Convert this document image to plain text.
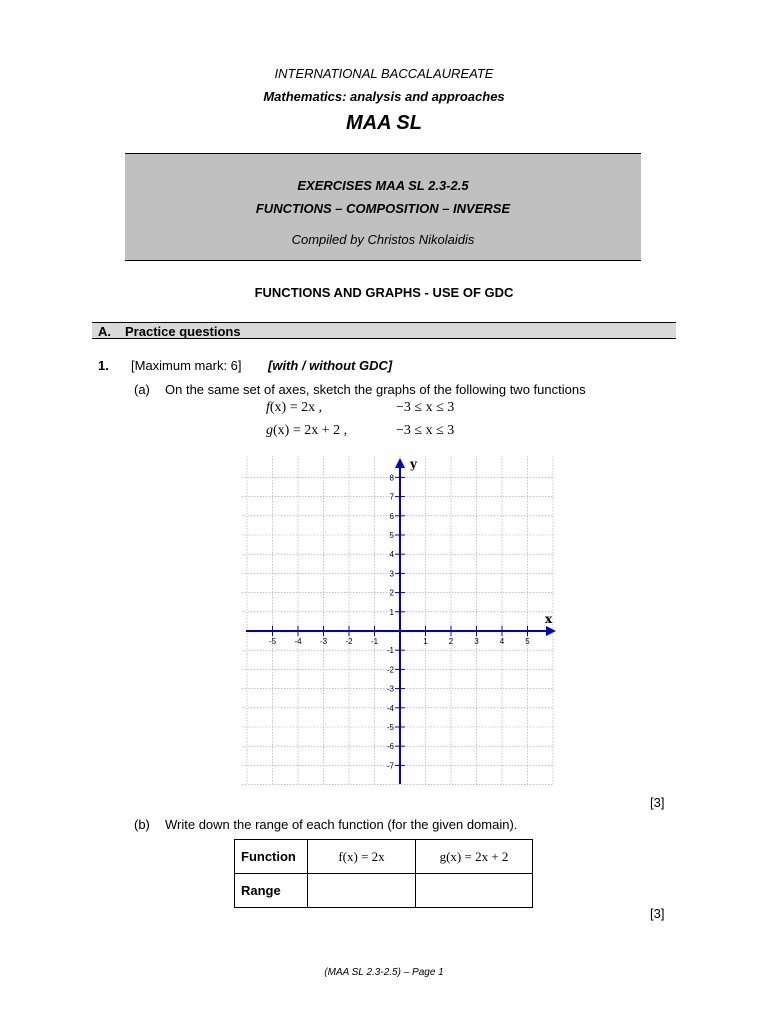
INTERNATIONAL BACCALAUREATE
Mathematics: analysis and approaches
MAA SL
EXERCISES MAA SL 2.3-2.5
FUNCTIONS – COMPOSITION – INVERSE
Compiled by Christos Nikolaidis
FUNCTIONS AND GRAPHS - USE OF GDC
A. Practice questions
1. [Maximum mark: 6] [with / without GDC]
(a) On the same set of axes, sketch the graphs of the following two functions
f(x) = 2x ,	−3 ≤ x ≤ 3
g(x) = 2x + 2 ,	−3 ≤ x ≤ 3
x
y
-5 -4 -3 -2 -1	1	2	3	4	5
8
7
6
5
4
3
2
1
-1
-2
-3
-4
-5
-6
-7
[3]
(b) Write down the range of each function (for the given domain).
Function	f(x) = 2x	g(x) = 2x + 2
Range		
[3]
(MAA SL 2.3-2.5) – Page 1
